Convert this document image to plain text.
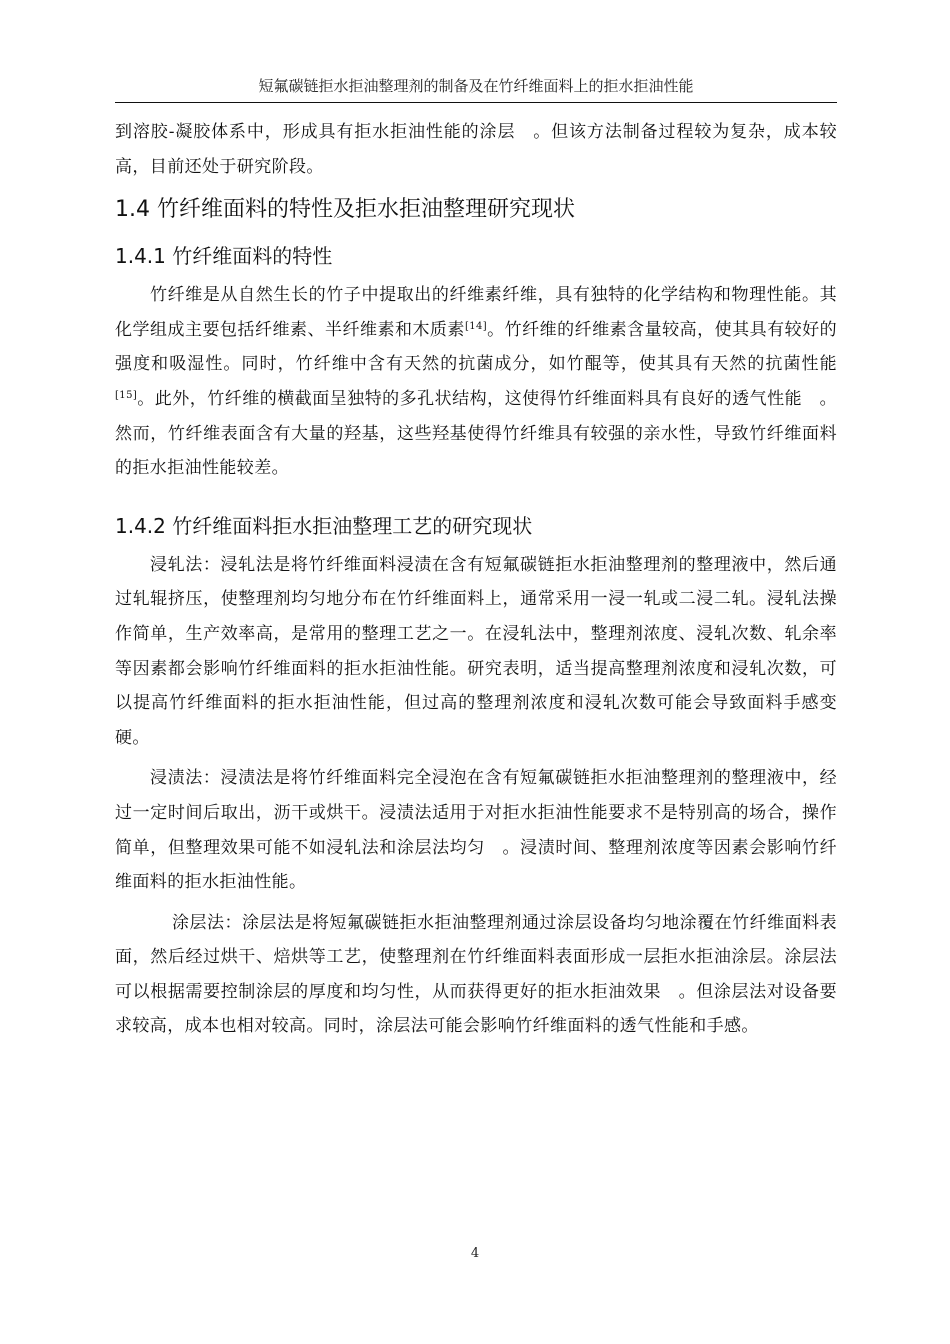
短氟碳链拒水拒油整理剂的制备及在竹纤维面料上的拒水拒油性能

到溶胶-凝胶体系中，形成具有拒水拒油性能的涂层　。但该方法制备过程较为复杂，成本较高，目前还处于研究阶段。

1.4 竹纤维面料的特性及拒水拒油整理研究现状
1.4.1 竹纤维面料的特性

竹纤维是从自然生长的竹子中提取出的纤维素纤维，具有独特的化学结构和物理性能。其化学组成主要包括纤维素、半纤维素和木质素[14]。竹纤维的纤维素含量较高，使其具有较好的强度和吸湿性。同时，竹纤维中含有天然的抗菌成分，如竹醌等，使其具有天然的抗菌性能[15]。此外，竹纤维的横截面呈独特的多孔状结构，这使得竹纤维面料具有良好的透气性能　。然而，竹纤维表面含有大量的羟基，这些羟基使得竹纤维具有较强的亲水性，导致竹纤维面料的拒水拒油性能较差。

1.4.2 竹纤维面料拒水拒油整理工艺的研究现状

浸轧法：浸轧法是将竹纤维面料浸渍在含有短氟碳链拒水拒油整理剂的整理液中，然后通过轧辊挤压，使整理剂均匀地分布在竹纤维面料上，通常采用一浸一轧或二浸二轧。浸轧法操作简单，生产效率高，是常用的整理工艺之一。在浸轧法中，整理剂浓度、浸轧次数、轧余率等因素都会影响竹纤维面料的拒水拒油性能。研究表明，适当提高整理剂浓度和浸轧次数，可以提高竹纤维面料的拒水拒油性能，但过高的整理剂浓度和浸轧次数可能会导致面料手感变硬。

浸渍法：浸渍法是将竹纤维面料完全浸泡在含有短氟碳链拒水拒油整理剂的整理液中，经过一定时间后取出，沥干或烘干。浸渍法适用于对拒水拒油性能要求不是特别高的场合，操作简单，但整理效果可能不如浸轧法和涂层法均匀　。浸渍时间、整理剂浓度等因素会影响竹纤维面料的拒水拒油性能。

涂层法：涂层法是将短氟碳链拒水拒油整理剂通过涂层设备均匀地涂覆在竹纤维面料表面，然后经过烘干、焙烘等工艺，使整理剂在竹纤维面料表面形成一层拒水拒油涂层。涂层法可以根据需要控制涂层的厚度和均匀性，从而获得更好的拒水拒油效果　。但涂层法对设备要求较高，成本也相对较高。同时，涂层法可能会影响竹纤维面料的透气性能和手感。

4
